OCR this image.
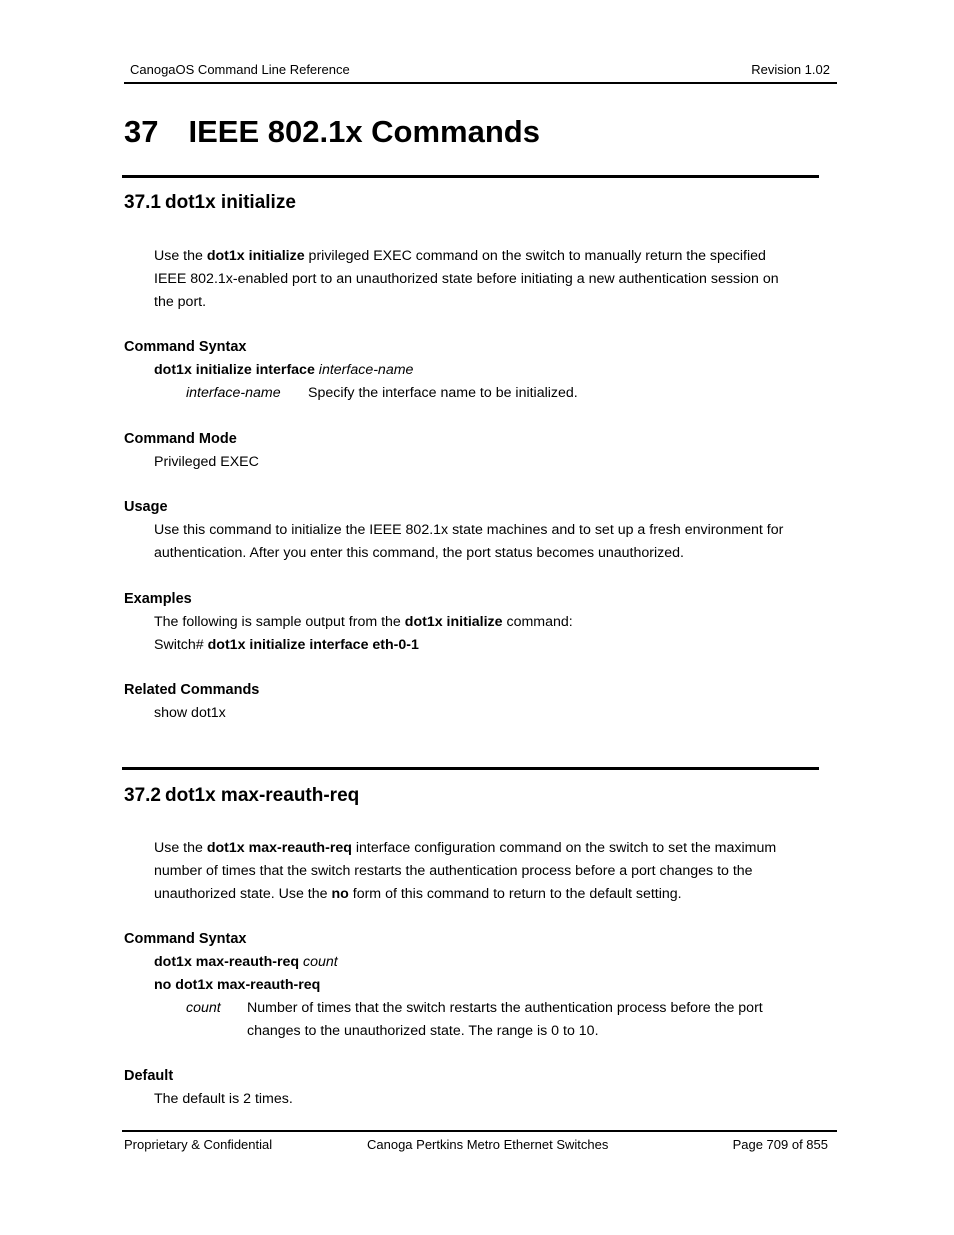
CanogaOS Command Line Reference	Revision 1.02
37 IEEE 802.1x Commands
37.1 dot1x initialize
Use the dot1x initialize privileged EXEC command on the switch to manually return the specified
IEEE 802.1x-enabled port to an unauthorized state before initiating a new authentication session on
the port.
Command Syntax
dot1x initialize interface interface-name
interface-name Specify the interface name to be initialized.
Command Mode
Privileged EXEC
Usage
Use this command to initialize the IEEE 802.1x state machines and to set up a fresh environment for
authentication. After you enter this command, the port status becomes unauthorized.
Examples
The following is sample output from the dot1x initialize command:
Switch# dot1x initialize interface eth-0-1
Related Commands
show dot1x
37.2 dot1x max-reauth-req
Use the dot1x max-reauth-req interface configuration command on the switch to set the maximum
number of times that the switch restarts the authentication process before a port changes to the
unauthorized state. Use the no form of this command to return to the default setting.
Command Syntax
dot1x max-reauth-req count
no dot1x max-reauth-req
count Number of times that the switch restarts the authentication process before the port
changes to the unauthorized state. The range is 0 to 10.
Default
The default is 2 times.
Proprietary & Confidential	Canoga Pertkins Metro Ethernet Switches	Page 709 of 855
